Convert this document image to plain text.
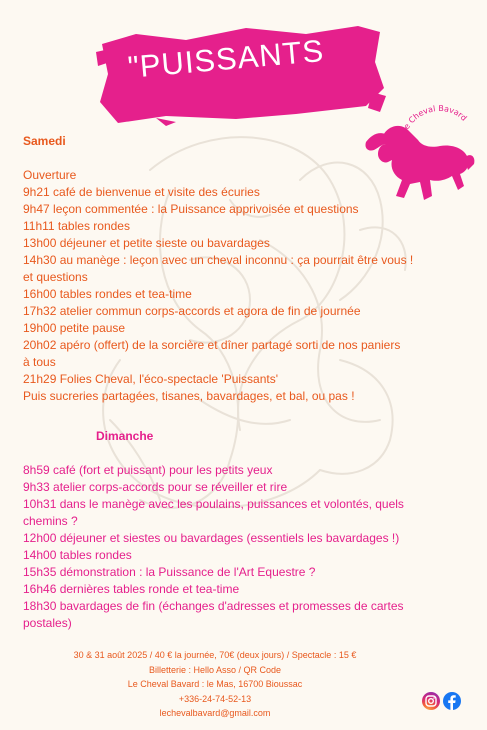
"PUISSANTS
Le Cheval Bavard
Samedi
Ouverture
9h21 café de bienvenue et visite des écuries
9h47 leçon commentée : la Puissance apprivoisée et questions
11h11 tables rondes
13h00 déjeuner et petite sieste ou bavardages
14h30 au manège : leçon avec un cheval inconnu : ça pourrait être vous !
et questions
16h00 tables rondes et tea-time
17h32 atelier commun corps-accords et agora de fin de journée
19h00 petite pause
20h02 apéro (offert) de la sorcière et dîner partagé sorti de nos paniers
à tous
21h29 Folies Cheval, l'éco-spectacle 'Puissants'
Puis sucreries partagées, tisanes, bavardages, et bal, ou pas !
Dimanche
8h59 café (fort et puissant) pour les petits yeux
9h33 atelier corps-accords pour se réveiller et rire
10h31 dans le manège avec les poulains, puissances et volontés, quels
chemins ?
12h00 déjeuner et siestes ou bavardages (essentiels les bavardages !)
14h00 tables rondes
15h35 démonstration : la Puissance de l'Art Equestre ?
16h46 dernières tables ronde et tea-time
18h30 bavardages de fin (échanges d'adresses et promesses de cartes
postales)
30 & 31 août 2025 / 40 € la journée, 70€ (deux jours) / Spectacle : 15 €
Billetterie : Hello Asso / QR Code
Le Cheval Bavard : le Mas, 16700 Bioussac
+336-24-74-52-13
lechevalbavard@gmail.com
